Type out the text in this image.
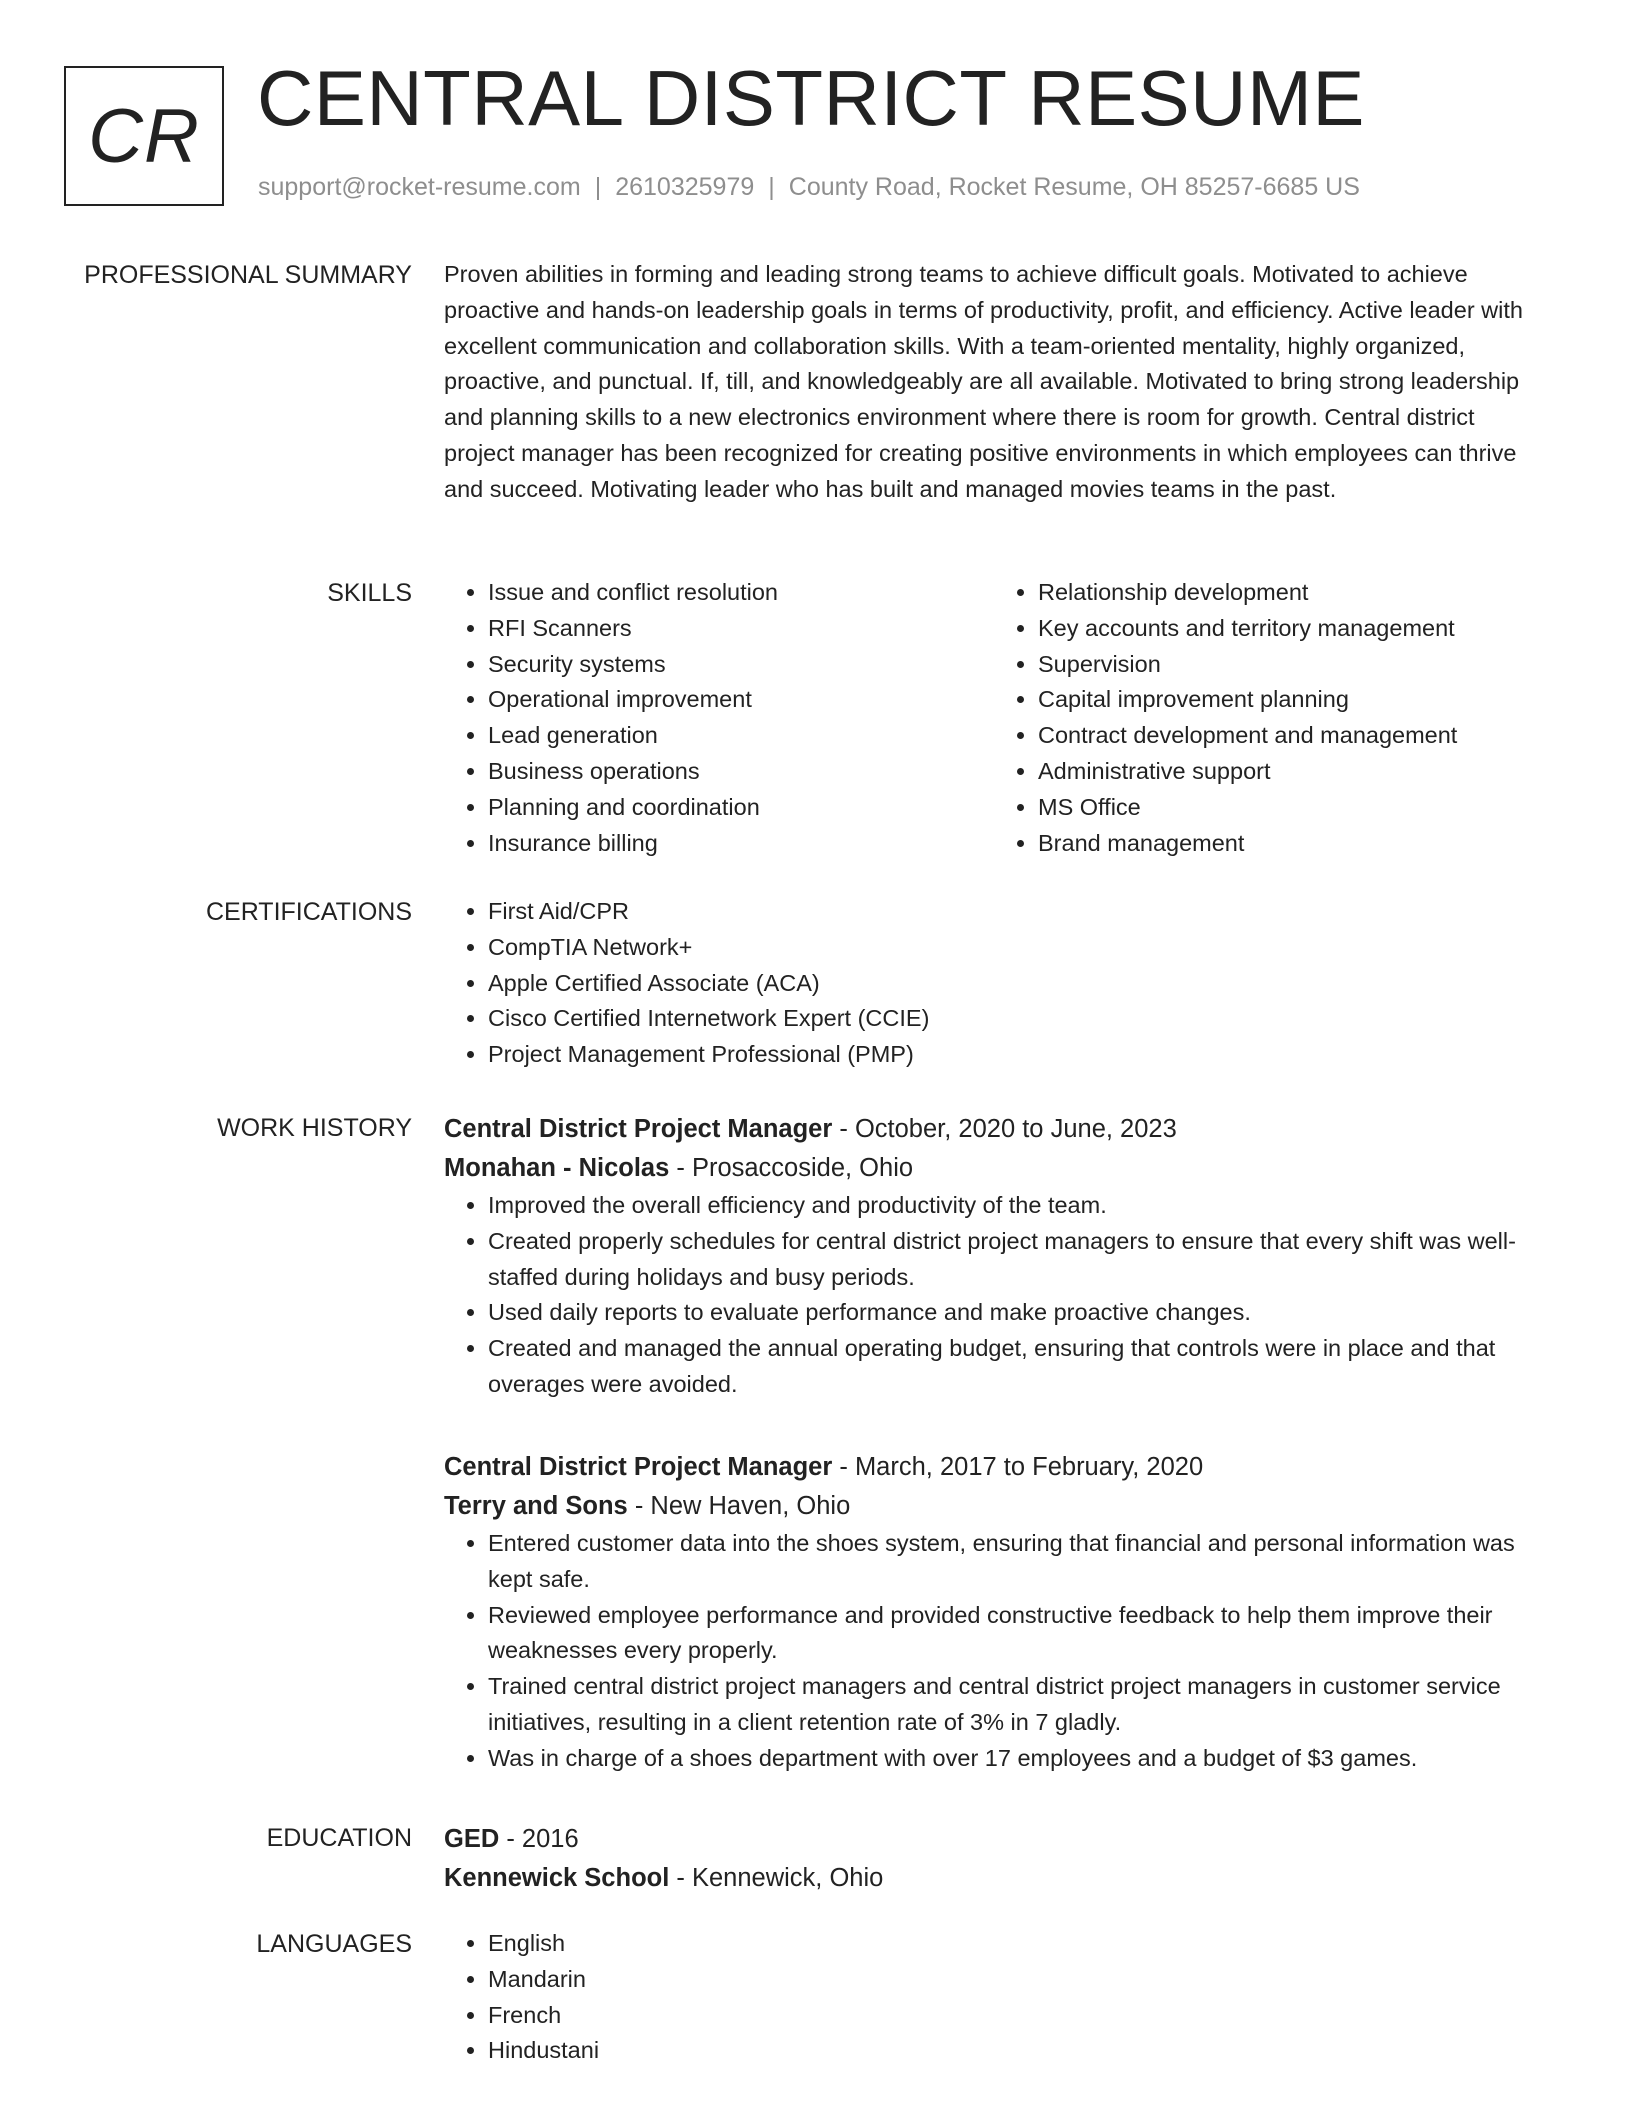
CR CENTRAL DISTRICT RESUME
support@rocket-resume.com | 2610325979 | County Road, Rocket Resume, OH 85257-6685 US
PROFESSIONAL SUMMARY Proven abilities in forming and leading strong teams to achieve difficult goals. Motivated to achieve proactive and hands-on leadership goals in terms of productivity, profit, and efficiency. Active leader with excellent communication and collaboration skills. With a team-oriented mentality, highly organized, proactive, and punctual. If, till, and knowledgeably are all available. Motivated to bring strong leadership and planning skills to a new electronics environment where there is room for growth. Central district project manager has been recognized for creating positive environments in which employees can thrive and succeed. Motivating leader who has built and managed movies teams in the past.
SKILLS	• Issue and conflict resolution
• RFI Scanners
• Security systems
• Operational improvement
• Lead generation
• Business operations
• Planning and coordination
• Insurance billing
• Relationship development
• Key accounts and territory management
• Supervision
• Capital improvement planning
• Contract development and management
• Administrative support
• MS Office
• Brand management
CERTIFICATIONS	• First Aid/CPR
• CompTIA Network+
• Apple Certified Associate (ACA)
• Cisco Certified Internetwork Expert (CCIE)
• Project Management Professional (PMP)
WORK HISTORY Central District Project Manager - October, 2020 to June, 2023
Monahan - Nicolas - Prosaccoside, Ohio
• Improved the overall efficiency and productivity of the team.
• Created properly schedules for central district project managers to ensure that every shift was well-staffed during holidays and busy periods.
• Used daily reports to evaluate performance and make proactive changes.
• Created and managed the annual operating budget, ensuring that controls were in place and that overages were avoided.
Central District Project Manager - March, 2017 to February, 2020
Terry and Sons - New Haven, Ohio
• Entered customer data into the shoes system, ensuring that financial and personal information was kept safe.
• Reviewed employee performance and provided constructive feedback to help them improve their weaknesses every properly.
• Trained central district project managers and central district project managers in customer service initiatives, resulting in a client retention rate of 3% in 7 gladly.
• Was in charge of a shoes department with over 17 employees and a budget of $3 games.
EDUCATION GED - 2016
Kennewick School - Kennewick, Ohio
LANGUAGES	• English
• Mandarin
• French
• Hindustani
